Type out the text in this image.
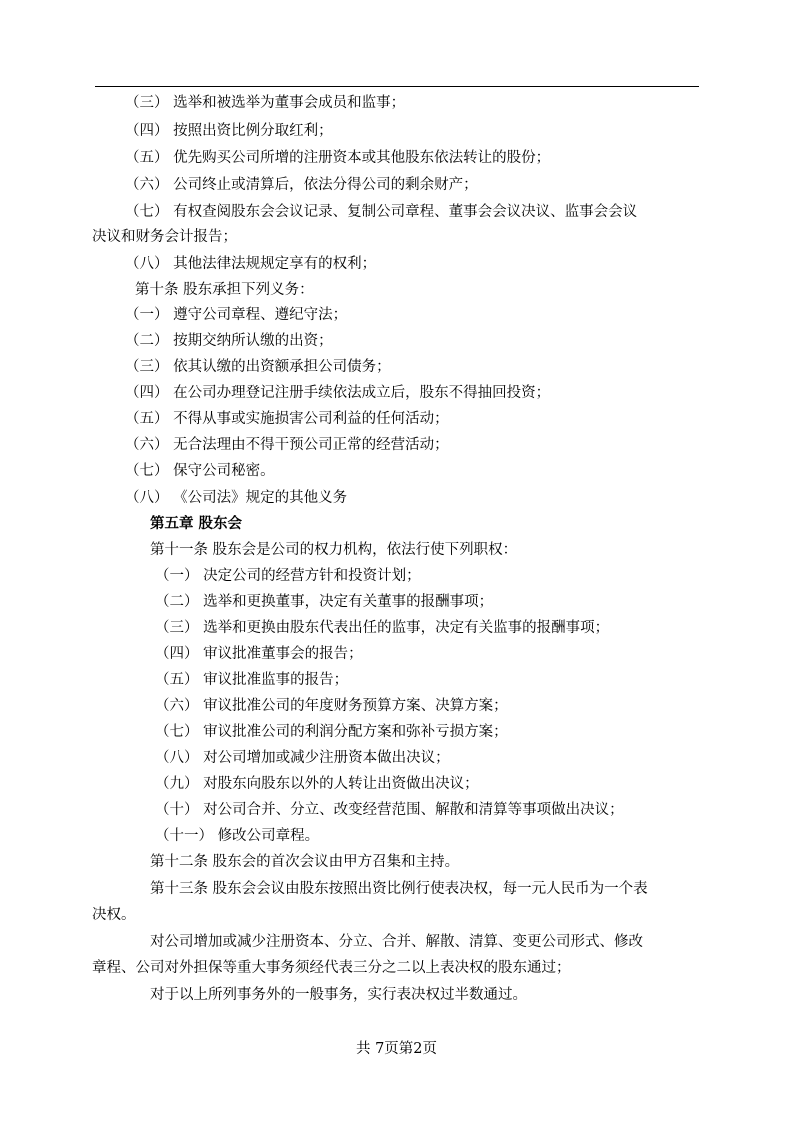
（三） 选举和被选举为董事会成员和监事；
（四） 按照出资比例分取红利；
（五） 优先购买公司所增的注册资本或其他股东依法转让的股份；
（六） 公司终止或清算后，依法分得公司的剩余财产；
（七） 有权查阅股东会会议记录、复制公司章程、董事会会议决议、监事会会议
决议和财务会计报告；
（八） 其他法律法规规定享有的权利；
第十条 股东承担下列义务：
（一） 遵守公司章程、遵纪守法；
（二） 按期交纳所认缴的出资；
（三） 依其认缴的出资额承担公司债务；
（四） 在公司办理登记注册手续依法成立后，股东不得抽回投资；
（五） 不得从事或实施损害公司利益的任何活动；
（六） 无合法理由不得干预公司正常的经营活动；
（七） 保守公司秘密。
（八） 《公司法》规定的其他义务
第五章 股东会
第十一条 股东会是公司的权力机构，依法行使下列职权：
（一） 决定公司的经营方针和投资计划；
（二） 选举和更换董事，决定有关董事的报酬事项；
（三） 选举和更换由股东代表出任的监事，决定有关监事的报酬事项；
（四） 审议批准董事会的报告；
（五） 审议批准监事的报告；
（六） 审议批准公司的年度财务预算方案、决算方案；
（七） 审议批准公司的利润分配方案和弥补亏损方案；
（八） 对公司增加或减少注册资本做出决议；
（九） 对股东向股东以外的人转让出资做出决议；
（十） 对公司合并、分立、改变经营范围、解散和清算等事项做出决议；
（十一） 修改公司章程。
第十二条 股东会的首次会议由甲方召集和主持。
第十三条 股东会会议由股东按照出资比例行使表决权，每一元人民币为一个表
决权。
对公司增加或减少注册资本、分立、合并、解散、清算、变更公司形式、修改
章程、公司对外担保等重大事务须经代表三分之二以上表决权的股东通过；
对于以上所列事务外的一般事务，实行表决权过半数通过。
共 7页第2页
